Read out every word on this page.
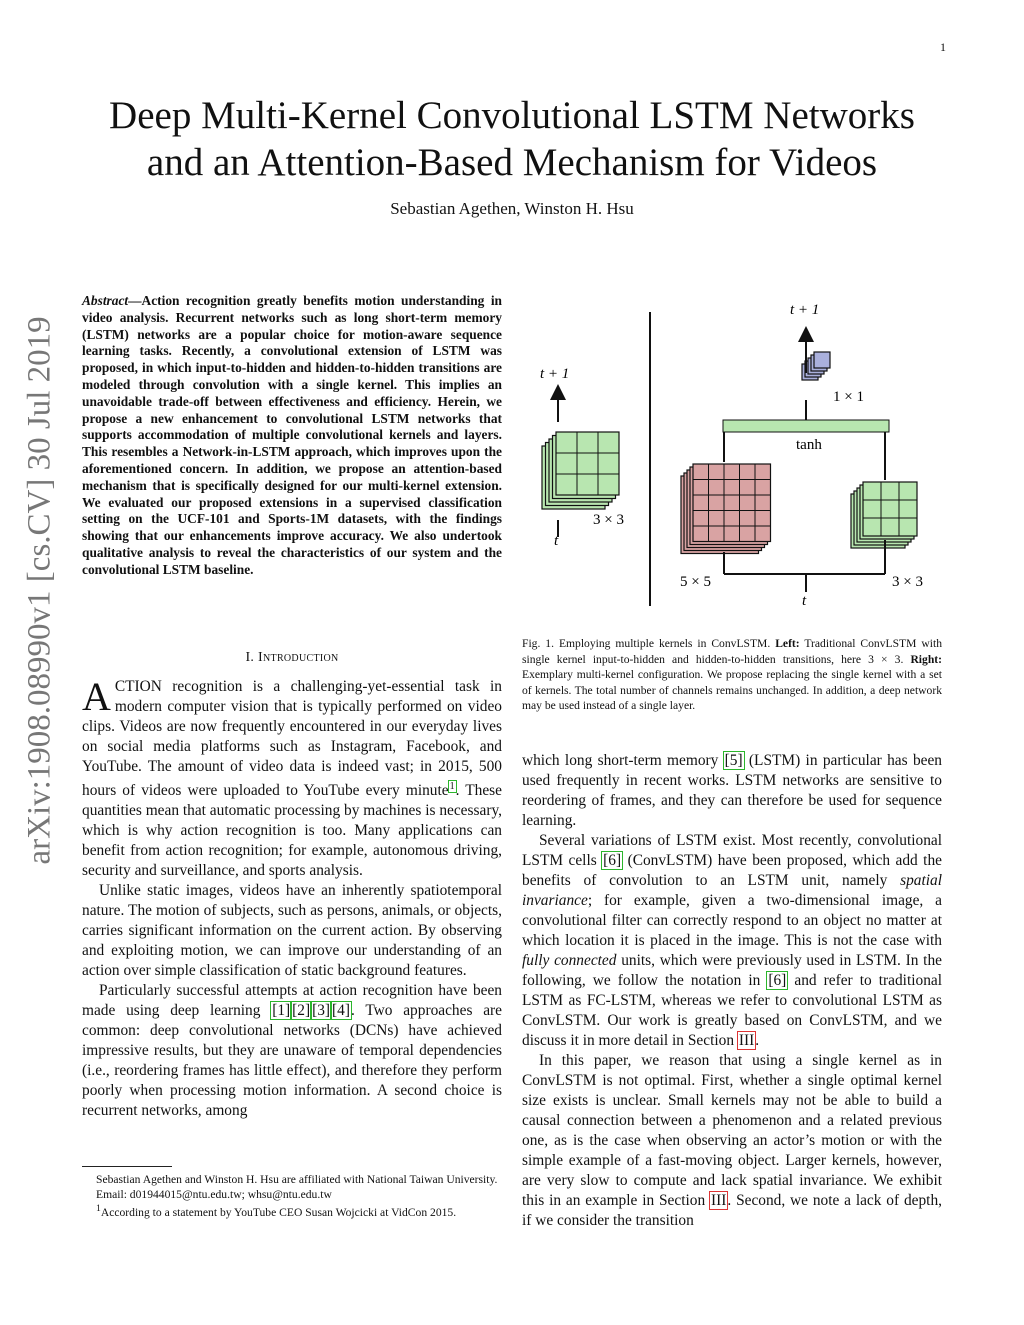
1
Deep Multi-Kernel Convolutional LSTM Networks
and an Attention-Based Mechanism for Videos
Sebastian Agethen, Winston H. Hsu
arXiv:1908.08990v1 [cs.CV] 30 Jul 2019
Abstract—Action recognition greatly benefits motion understanding in video analysis. Recurrent networks such as long short-term memory (LSTM) networks are a popular choice for motion-aware sequence learning tasks. Recently, a convolutional extension of LSTM was proposed, in which input-to-hidden and hidden-to-hidden transitions are modeled through convolution with a single kernel. This implies an unavoidable trade-off between effectiveness and efficiency. Herein, we propose a new enhancement to convolutional LSTM networks that supports accommodation of multiple convolutional kernels and layers. This resembles a Network-in-LSTM approach, which improves upon the aforementioned concern. In addition, we propose an attention-based mechanism that is specifically designed for our multi-kernel extension. We evaluated our proposed extensions in a supervised classification setting on the UCF-101 and Sports-1M datasets, with the findings showing that our enhancements improve accuracy. We also undertook qualitative analysis to reveal the characteristics of our system and the convolutional LSTM baseline.
I. Introduction

ACTION recognition is a challenging-yet-essential task in modern computer vision that is typically performed on video clips. Videos are now frequently encountered in our everyday lives on social media platforms such as Instagram, Facebook, and YouTube. The amount of video data is indeed vast; in 2015, 500 hours of videos were uploaded to YouTube every minute$^1$. These quantities mean that automatic processing by machines is necessary, which is why action recognition is too. Many applications can benefit from action recognition; for example, autonomous driving, security and surveillance, and sports analysis.

Unlike static images, videos have an inherently spatiotemporal nature. The motion of subjects, such as persons, animals, or objects, carries significant information on the current action. By observing and exploiting motion, we can improve our understanding of an action over simple classification of static background features.

Particularly successful attempts at action recognition have been made using deep learning [1] [2] [3] [4]. Two approaches are common: deep convolutional networks (DCNs) have achieved impressive results, but they are unaware of temporal dependencies (i.e., reordering frames has little effect), and therefore they perform poorly when processing motion information. A second choice is recurrent networks, among

Sebastian Agethen and Winston H. Hsu are affiliated with National Taiwan University.
Email: d01944015@ntu.edu.tw; whsu@ntu.edu.tw
$^1$According to a statement by YouTube CEO Susan Wojcicki at VidCon 2015.
t + 1
t
3 × 3
t + 1
1 × 1
tanh
5 × 5	3 × 3
t
Fig. 1. Employing multiple kernels in ConvLSTM. Left: Traditional ConvLSTM with single kernel input-to-hidden and hidden-to-hidden transitions, here 3 × 3. Right: Exemplary multi-kernel configuration. We propose replacing the single kernel with a set of kernels. The total number of channels remains unchanged. In addition, a deep network may be used instead of a single layer.

which long short-term memory [5] (LSTM) in particular has been used frequently in recent works. LSTM networks are sensitive to reordering of frames, and they can therefore be used for sequence learning.

Several variations of LSTM exist. Most recently, convolutional LSTM cells [6] (ConvLSTM) have been proposed, which add the benefits of convolution to an LSTM unit, namely spatial invariance; for example, given a two-dimensional image, a convolutional filter can correctly respond to an object no matter at which location it is placed in the image. This is not the case with fully connected units, which were previously used in LSTM. In the following, we follow the notation in [6] and refer to traditional LSTM as FC-LSTM, whereas we refer to convolutional LSTM as ConvLSTM. Our work is greatly based on ConvLSTM, and we discuss it in more detail in Section III.

In this paper, we reason that using a single kernel as in ConvLSTM is not optimal. First, whether a single optimal kernel size exists is unclear. Small kernels may not be able to build a causal connection between a phenomenon and a related previous one, as is the case when observing an actor’s motion or with the simple example of a fast-moving object. Larger kernels, however, are very slow to compute and lack spatial invariance. We exhibit this in an example in Section III. Second, we note a lack of depth, if we consider the transition
